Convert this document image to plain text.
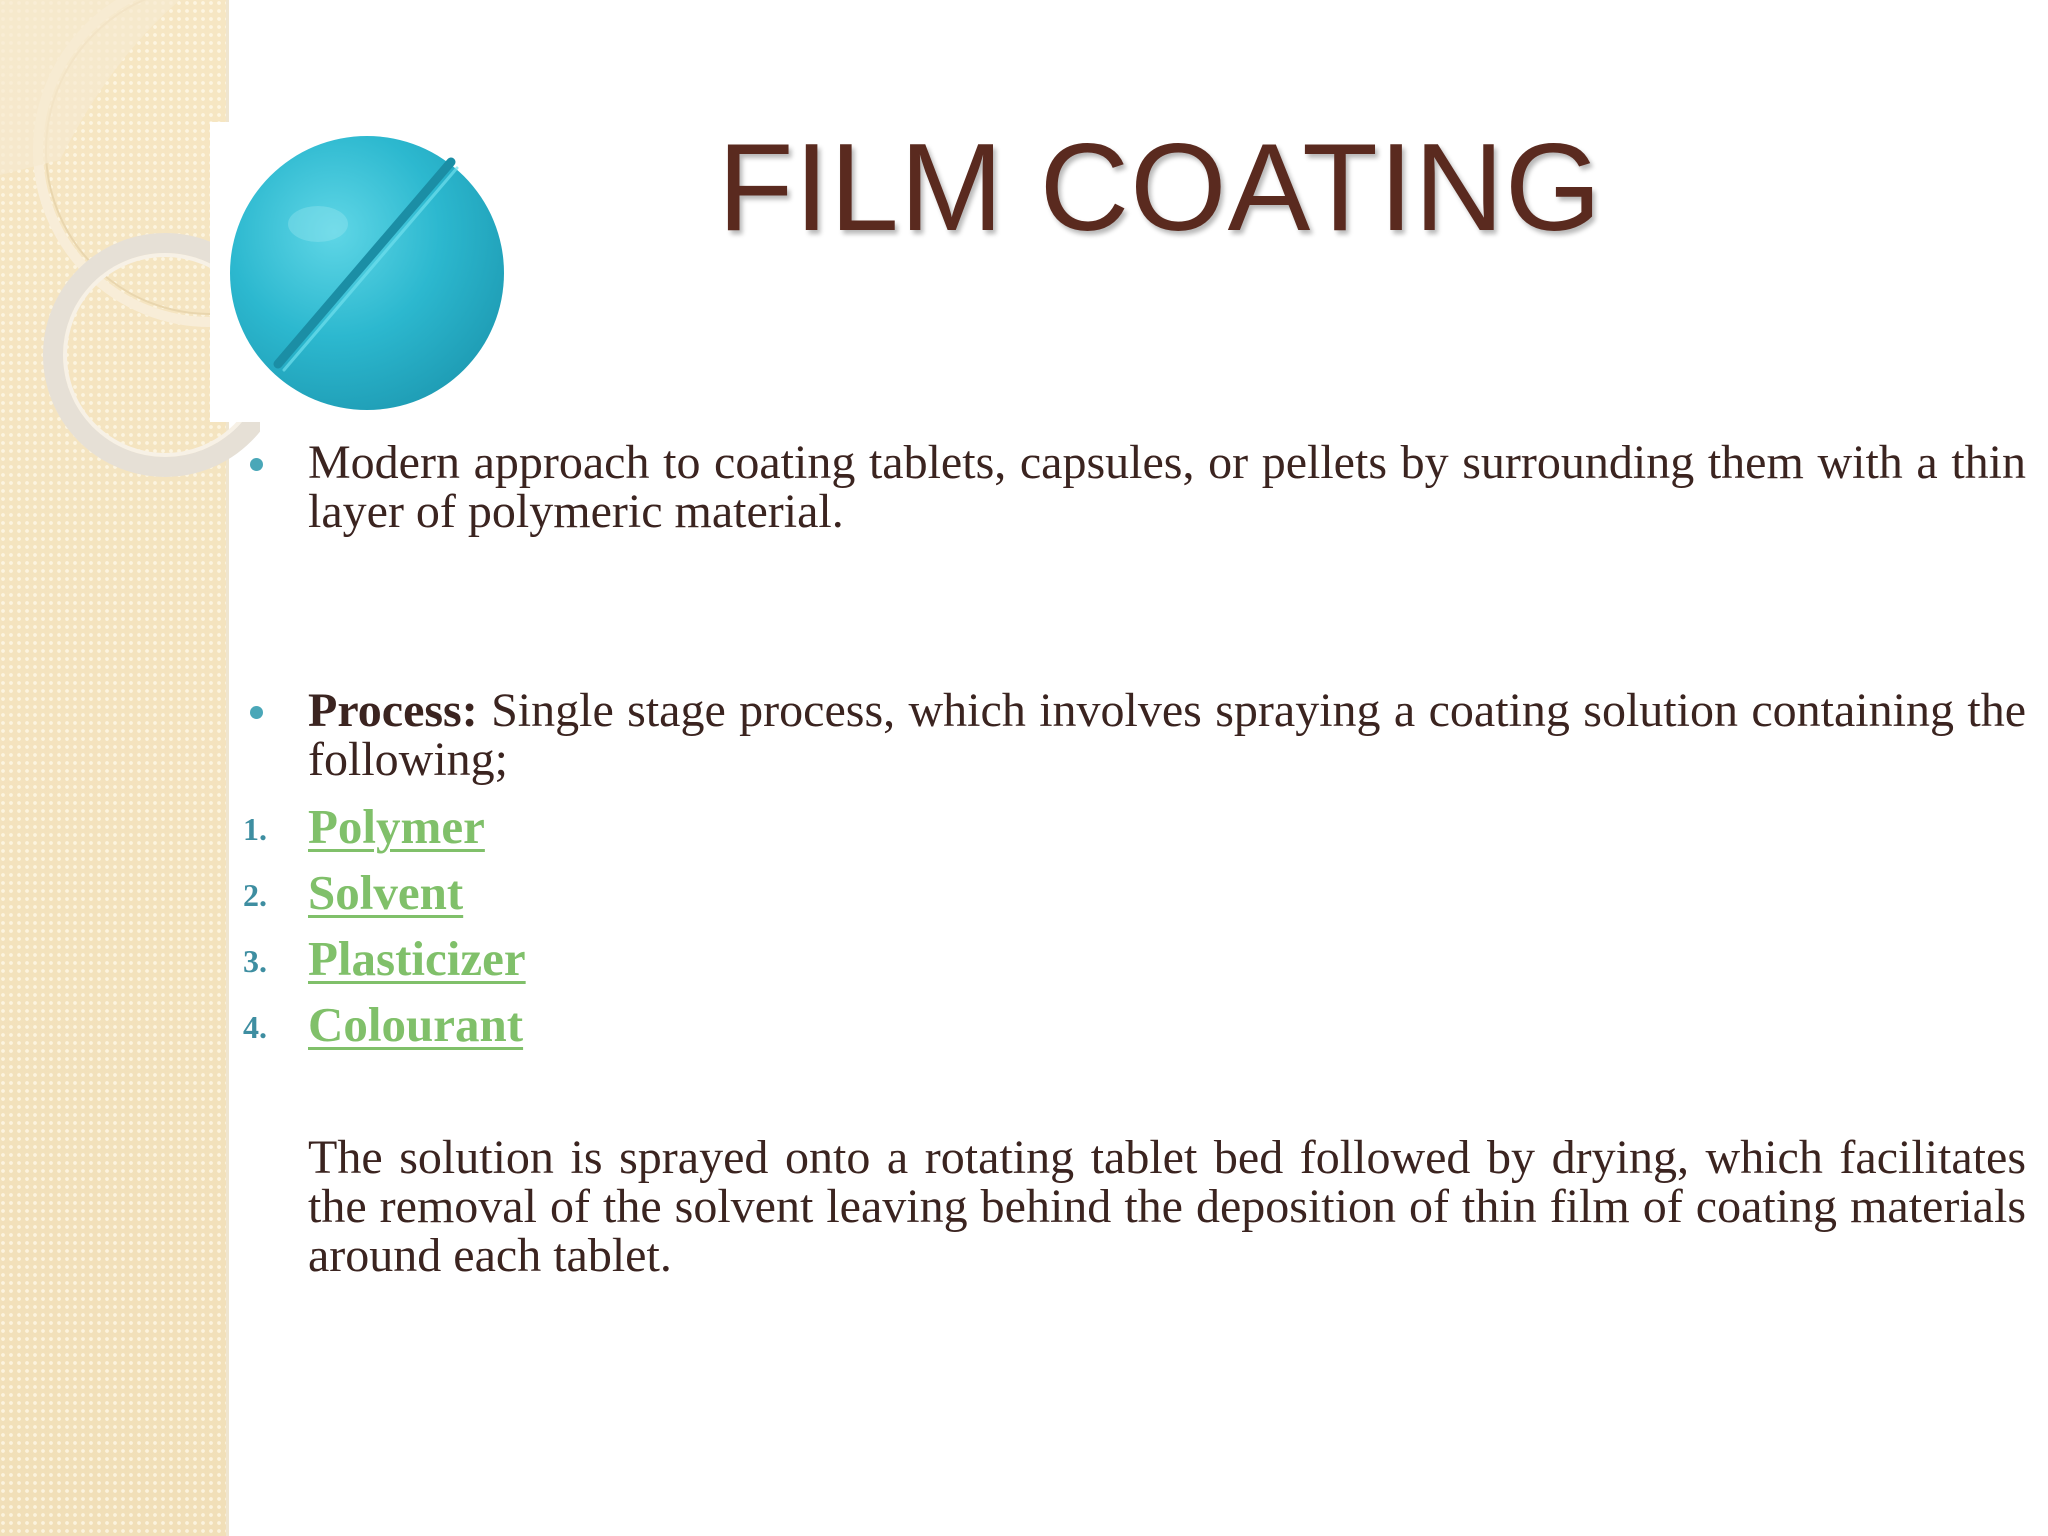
FILM COATING
Modern approach to coating tablets, capsules, or pellets by surrounding them with a thin layer of polymeric material.
Process: Single stage process, which involves spraying a coating solution containing the following;
1. Polymer
2. Solvent
3. Plasticizer
4. Colourant
The solution is sprayed onto a rotating tablet bed followed by drying, which facilitates the removal of the solvent leaving behind the deposition of thin film of coating materials around each tablet.
